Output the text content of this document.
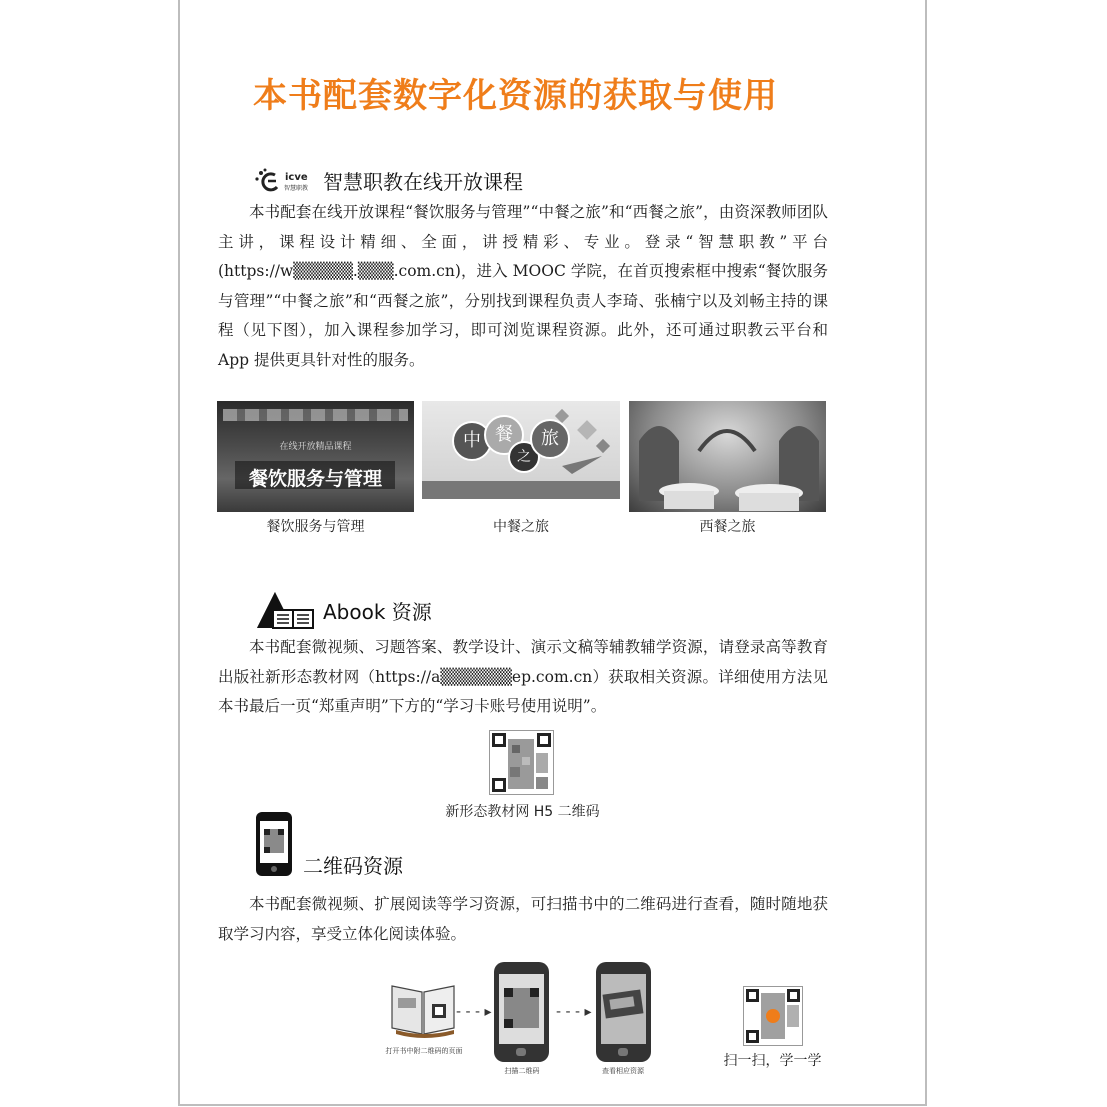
本书配套数字化资源的获取与使用
icve
智慧职教 智慧职教在线开放课程
本书配套在线开放课程“餐饮服务与管理”“中餐之旅”和“西餐之旅”，由资深教师团队主讲，课程设计精细、全面，讲授精彩、专业。登录“智慧职教”平台 (https://w▒▒▒▒▒.▒▒▒.com.cn)，进入 MOOC 学院，在首页搜索框中搜索“餐饮服务与管理”“中餐之旅”和“西餐之旅”，分别找到课程负责人李琦、张楠宁以及刘畅主持的课程（见下图），加入课程参加学习，即可浏览课程资源。此外，还可通过职教云平台和 App 提供更具针对性的服务。
在线开放精品课程
餐饮服务与管理
餐饮服务与管理
中 餐
之
旅
中餐之旅	西餐之旅
Abook 资源
本书配套微视频、习题答案、教学设计、演示文稿等辅教辅学资源，请登录高等教育出版社新形态教材网（https://a▒▒▒▒▒▒ep.com.cn）获取相关资源。详细使用方法见本书最后一页“郑重声明”下方的“学习卡账号使用说明”。
新形态教材网 H5 二维码
二维码资源
本书配套微视频、扩展阅读等学习资源，可扫描书中的二维码进行查看，随时随地获取学习内容，享受立体化阅读体验。
打开书中附二维码的页面
- - - ▸
扫描二维码
- - - ▸
查看相应资源
扫一扫，学一学
